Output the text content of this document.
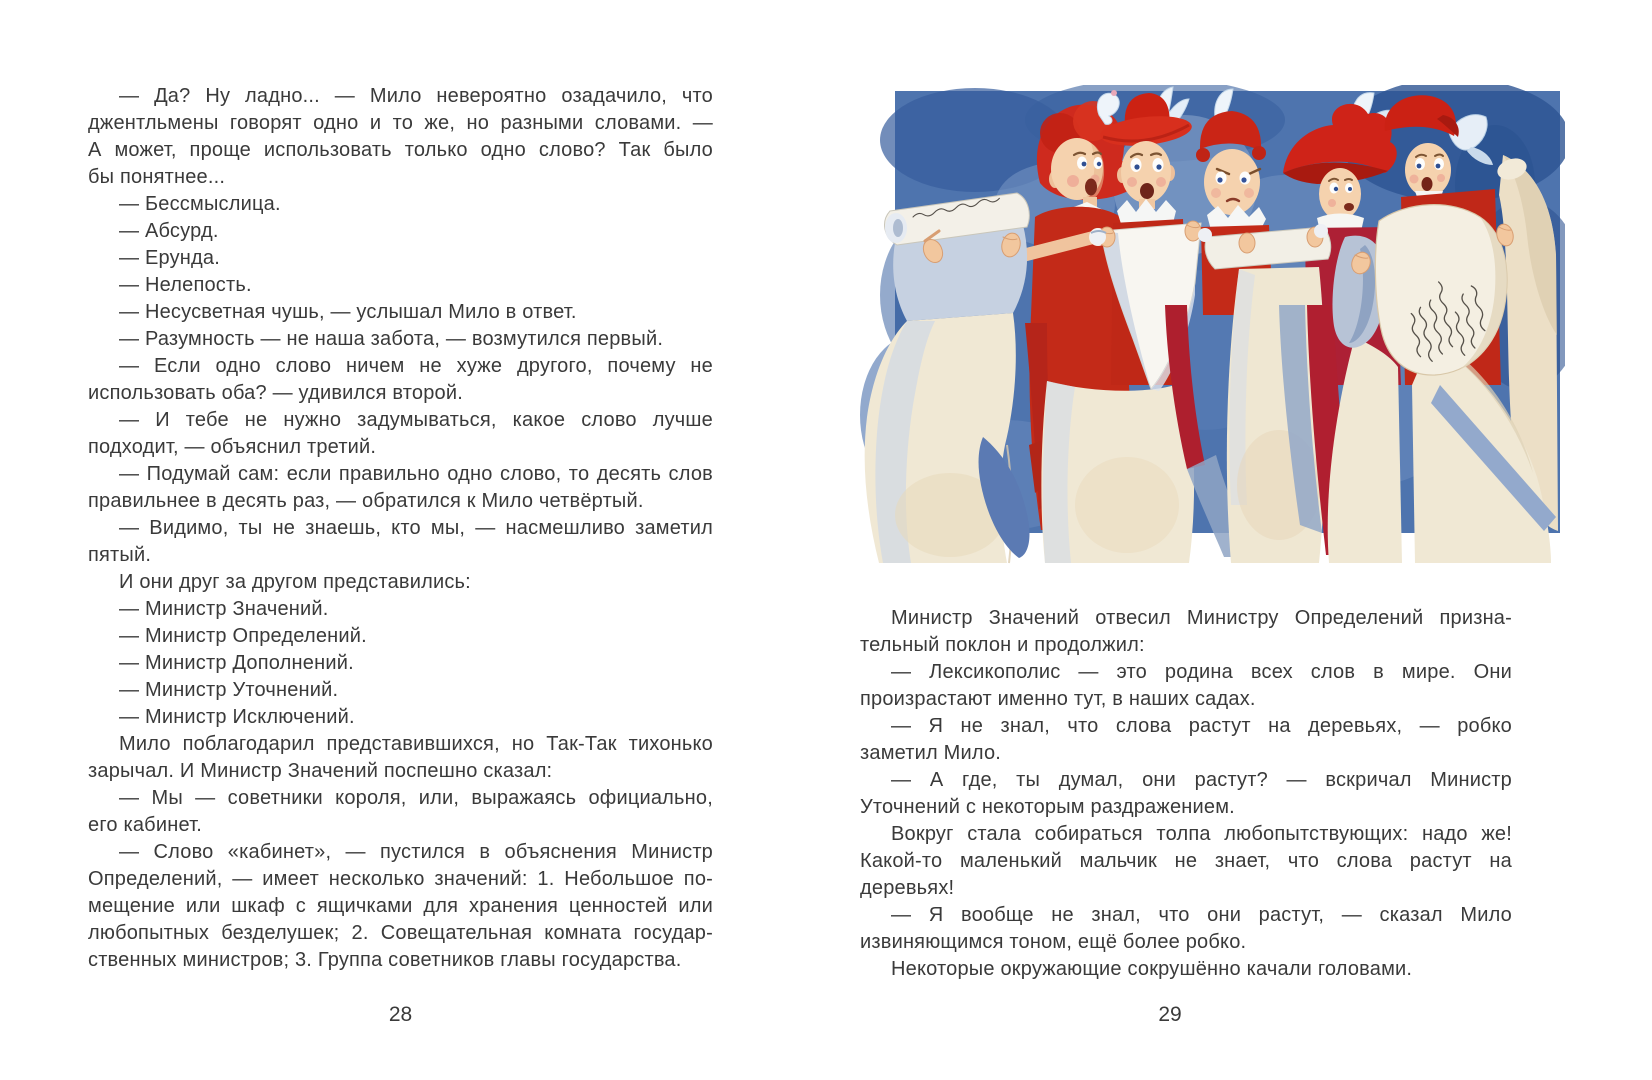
— Да? Ну ладно... — Мило невероятно озадачило, что
джентльмены говорят одно и то же, но разными словами. —
А может, проще использовать только одно слово? Так было
бы понятнее...
— Бессмыслица.
— Абсурд.
— Ерунда.
— Нелепость.
— Несусветная чушь, — услышал Мило в ответ.
— Разумность — не наша забота, — возмутился первый.
— Если одно слово ничем не хуже другого, почему не
использовать оба? — удивился второй.
— И тебе не нужно задумываться, какое слово лучше
подходит, — объяснил третий.
— Подумай сам: если правильно одно слово, то десять слов
правильнее в десять раз, — обратился к Мило четвёртый.
— Видимо, ты не знаешь, кто мы, — насмешливо заметил
пятый.
И они друг за другом представились:
— Министр Значений.
— Министр Определений.
— Министр Дополнений.
— Министр Уточнений.
— Министр Исключений.
Мило поблагодарил представившихся, но Так-Так тихонько
зарычал. И Министр Значений поспешно сказал:
— Мы — советники короля, или, выражаясь официально,
его кабинет.
— Слово «кабинет», — пустился в объяснения Министр
Определений, — имеет несколько значений: 1. Небольшое по-
мещение или шкаф с ящичками для хранения ценностей или
любопытных безделушек; 2. Совещательная комната государ-
ственных министров; 3. Группа советников главы государства.
Министр Значений отвесил Министру Определений призна-
тельный поклон и продолжил:
— Лексикополис — это родина всех слов в мире. Они
произрастают именно тут, в наших садах.
— Я не знал, что слова растут на деревьях, — робко
заметил Мило.
— А где, ты думал, они растут? — вскричал Министр
Уточнений с некоторым раздражением.
Вокруг стала собираться толпа любопытствующих: надо же!
Какой-то маленький мальчик не знает, что слова растут на
деревьях!
— Я вообще не знал, что они растут, — сказал Мило
извиняющимся тоном, ещё более робко.
Некоторые окружающие сокрушённо качали головами.
28	29
